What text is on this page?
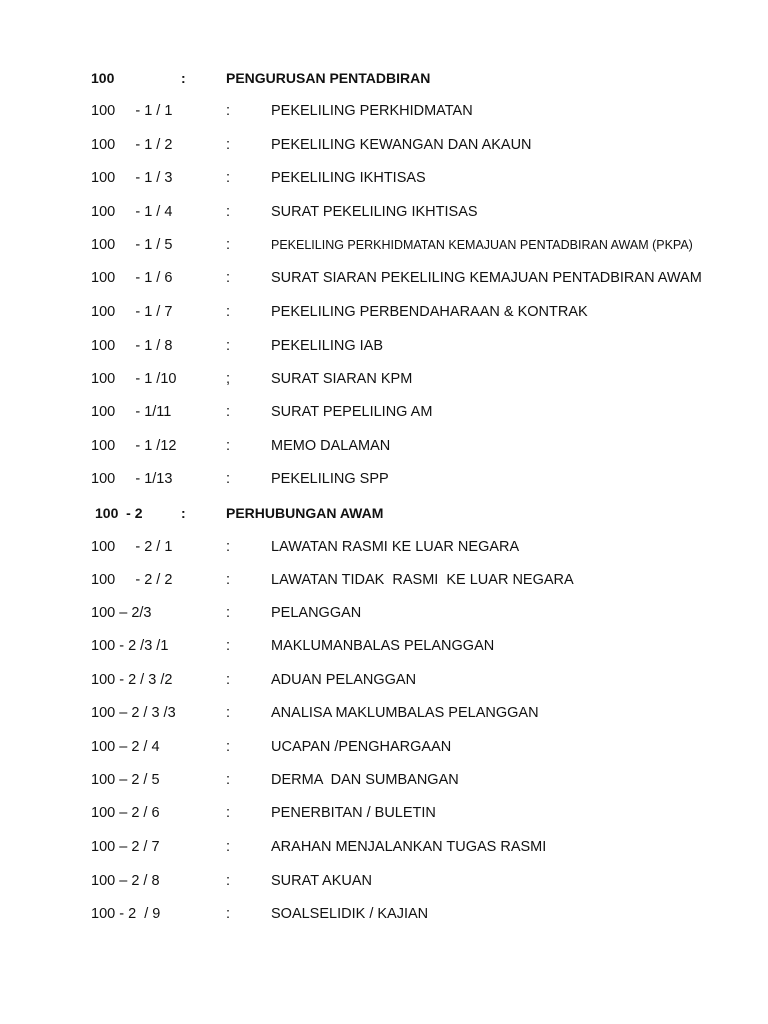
100	:	PENGURUSAN PENTADBIRAN
100     - 1 / 1	:	PEKELILING PERKHIDMATAN
100     - 1 / 2	:	PEKELILING KEWANGAN DAN AKAUN
100     - 1 / 3	:	PEKELILING IKHTISAS
100     - 1 / 4	:	SURAT PEKELILING IKHTISAS
100     - 1 / 5	:	PEKELILING PERKHIDMATAN KEMAJUAN PENTADBIRAN AWAM (PKPA)
100     - 1 / 6	:	SURAT SIARAN PEKELILING KEMAJUAN PENTADBIRAN AWAM
100     - 1 / 7	:	PEKELILING PERBENDAHARAAN & KONTRAK
100     - 1 / 8	:	PEKELILING IAB
100     - 1 /10	;	SURAT SIARAN KPM
100     - 1/11	:	SURAT PEPELILING AM
100     - 1 /12	:	MEMO DALAMAN
100     - 1/13	:	PEKELILING SPP
100  - 2	:	PERHUBUNGAN AWAM
100     - 2 / 1	:	LAWATAN RASMI KE LUAR NEGARA
100     - 2 / 2	:	LAWATAN TIDAK  RASMI  KE LUAR NEGARA
100 – 2/3	:	PELANGGAN
100 - 2 /3 /1	:	MAKLUMANBALAS PELANGGAN
100 - 2 / 3 /2	:	ADUAN PELANGGAN
100 – 2 / 3 /3	:	ANALISA MAKLUMBALAS PELANGGAN
100 – 2 / 4	:	UCAPAN /PENGHARGAAN
100 – 2 / 5	:	DERMA  DAN SUMBANGAN
100 – 2 / 6	:	PENERBITAN / BULETIN
100 – 2 / 7	:	ARAHAN MENJALANKAN TUGAS RASMI
100 – 2 / 8	:	SURAT AKUAN
100 - 2  / 9	:	SOALSELIDIK / KAJIAN
